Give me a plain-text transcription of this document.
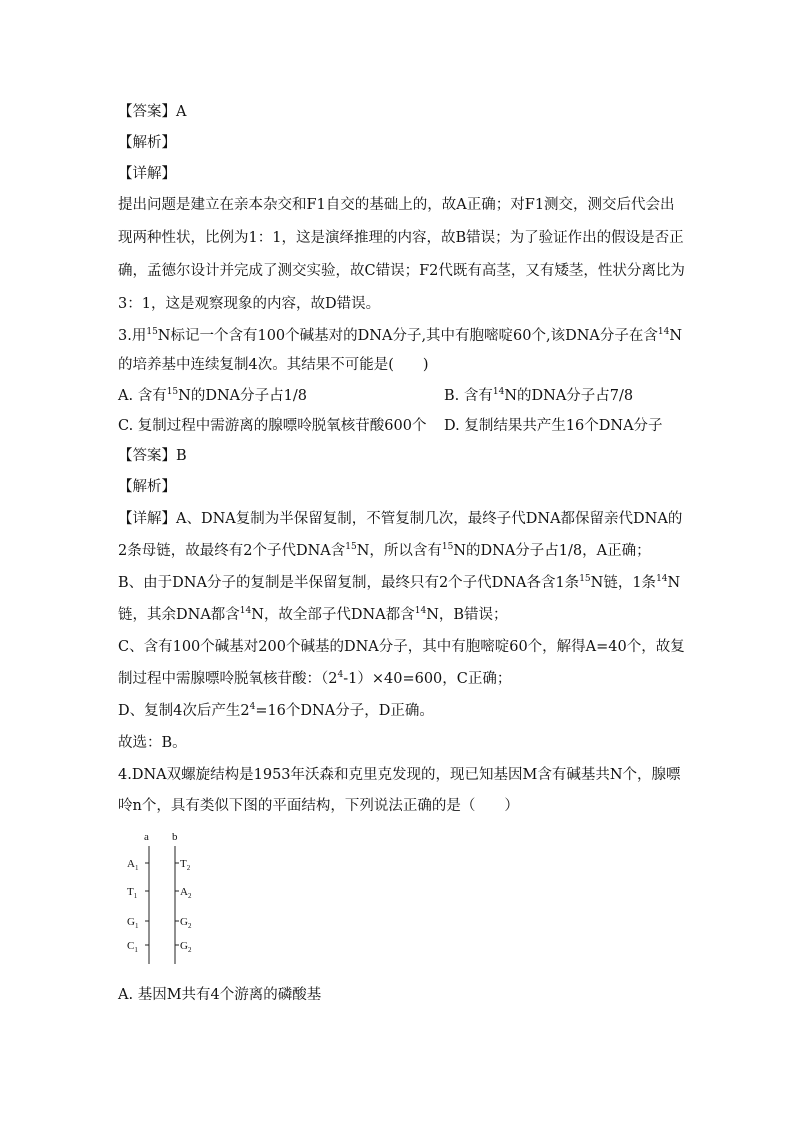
【答案】A
【解析】
【详解】
提出问题是建立在亲本杂交和F1自交的基础上的，故A正确；对F1测交，测交后代会出
现两种性状，比例为1：1，这是演绎推理的内容，故B错误；为了验证作出的假设是否正
确，孟德尔设计并完成了测交实验，故C错误；F2代既有高茎，又有矮茎，性状分离比为
3：1，这是观察现象的内容，故D错误。
3.用$^{15}$N标记一个含有100个碱基对的DNA分子,其中有胞嘧啶60个,该DNA分子在含$^{14}$N
的培养基中连续复制4次。其结果不可能是(　　)
A. 含有$^{15}$N的DNA分子占1/8	B. 含有$^{14}$N的DNA分子占7/8
C. 复制过程中需游离的腺嘌呤脱氧核苷酸600个 D. 复制结果共产生16个DNA分子
【答案】B
【解析】
【详解】A、DNA复制为半保留复制，不管复制几次，最终子代DNA都保留亲代DNA的
2条母链，故最终有2个子代DNA含$^{15}$N，所以含有$^{15}$N的DNA分子占1/8，A正确；
B、由于DNA分子的复制是半保留复制，最终只有2个子代DNA各含1条$^{15}$N链，1条$^{14}$N
链，其余DNA都含$^{14}$N，故全部子代DNA都含$^{14}$N，B错误；
C、含有100个碱基对200个碱基的DNA分子，其中有胞嘧啶60个，解得A=40个，故复
制过程中需腺嘌呤脱氧核苷酸：$(2^4-1)\times 40=600$，C正确；
D、复制4次后产生$2^4=16$个DNA分子，D正确。
故选：B。
4.DNA双螺旋结构是1953年沃森和克里克发现的，现已知基因M含有碱基共N个，腺嘌
呤n个，具有类似下图的平面结构，下列说法正确的是（　　）
a b
$A_1$
$T_1$
$G_1$
$C_1$
$T_2$
$A_2$
$G_2$
$G_2$
A. 基因M共有4个游离的磷酸基
